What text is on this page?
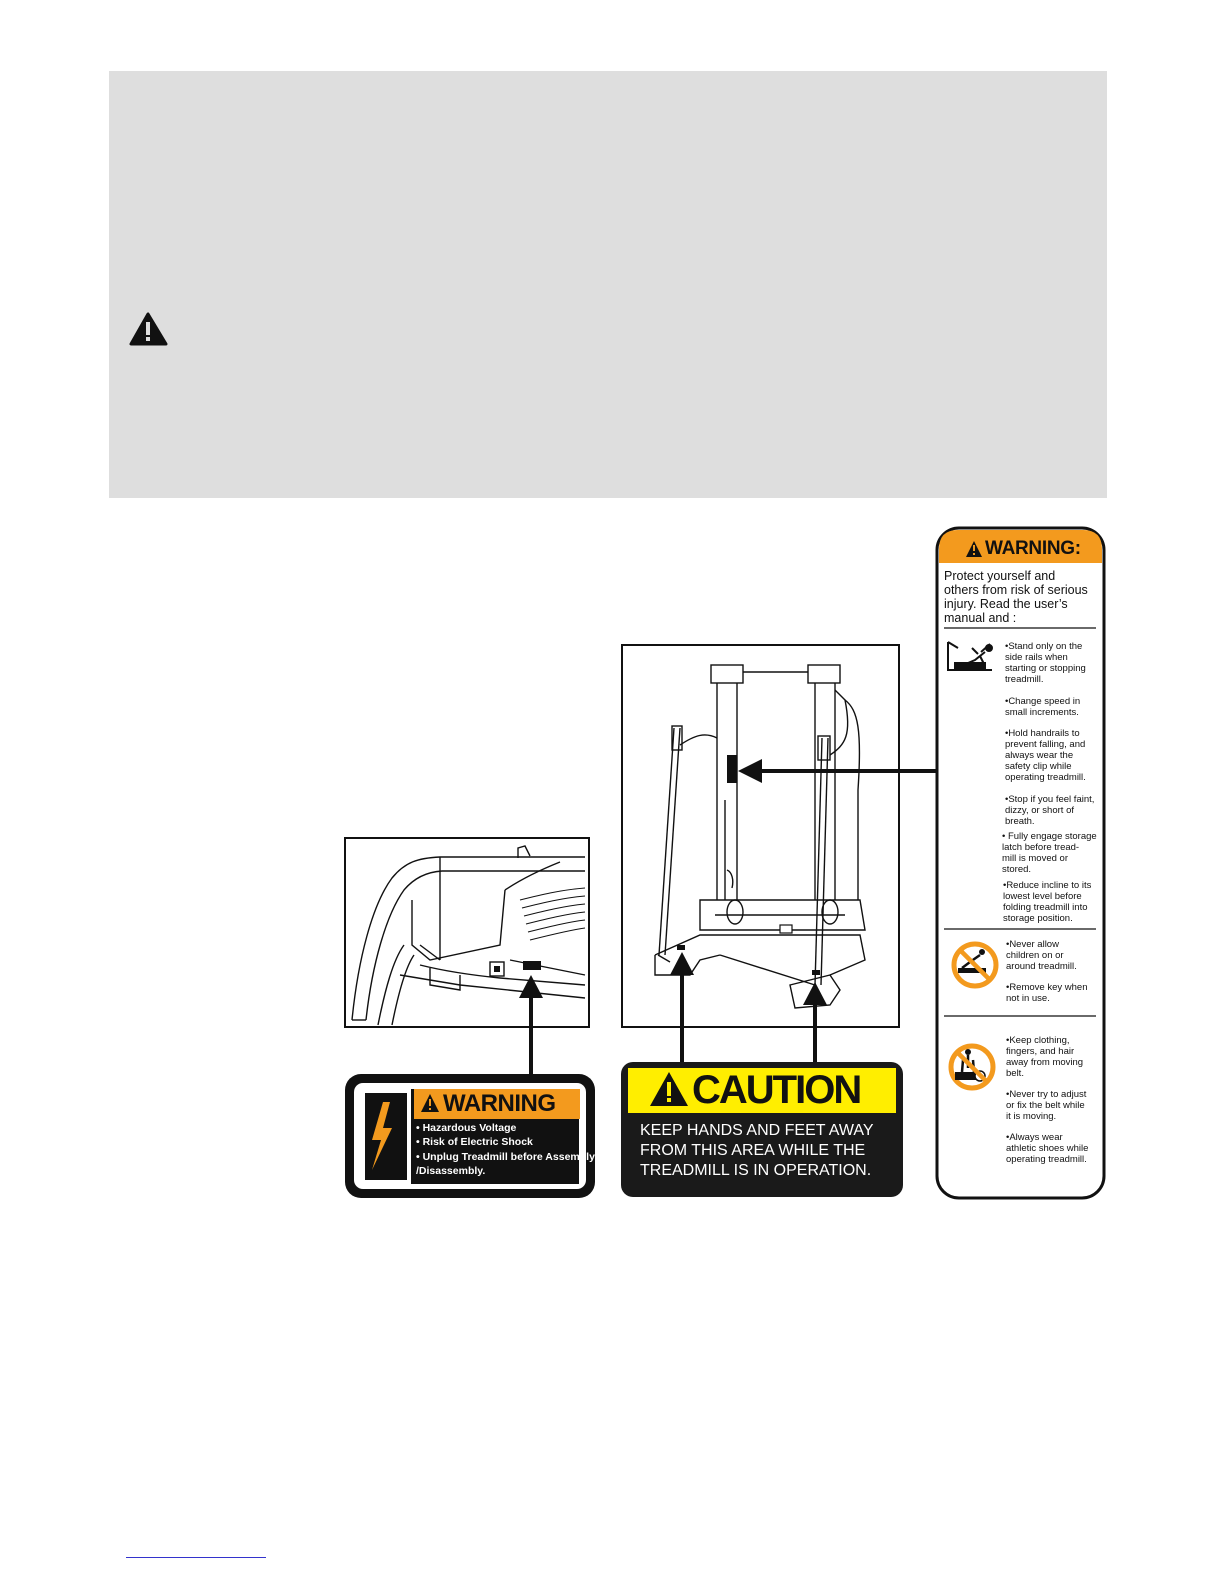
WARNING:
Protect yourself and
others from risk of serious
injury. Read the user’s
manual and :
•Stand only on the
side rails when
starting or stopping
treadmill.
•Change speed in
small increments.
•Hold handrails to
prevent falling, and
always wear the
safety clip while
operating treadmill.
•Stop if you feel faint,
dizzy, or short of
breath.
• Fully engage storage
latch before tread-
mill is moved or
stored.
•Reduce incline to its
lowest level before
folding treadmill into
storage position.
•Never allow
children on or
around treadmill.
•Remove key when
not in use.
•Keep clothing,
fingers, and hair
away from moving
belt.
•Never try to adjust
or fix the belt while
it is moving.
•Always wear
athletic shoes while
operating treadmill.
WARNING
• Hazardous Voltage
• Risk of Electric Shock
• Unplug Treadmill before Assembly
/Disassembly.
CAUTION
KEEP HANDS AND FEET AWAY
FROM THIS AREA WHILE THE
TREADMILL IS IN OPERATION.
